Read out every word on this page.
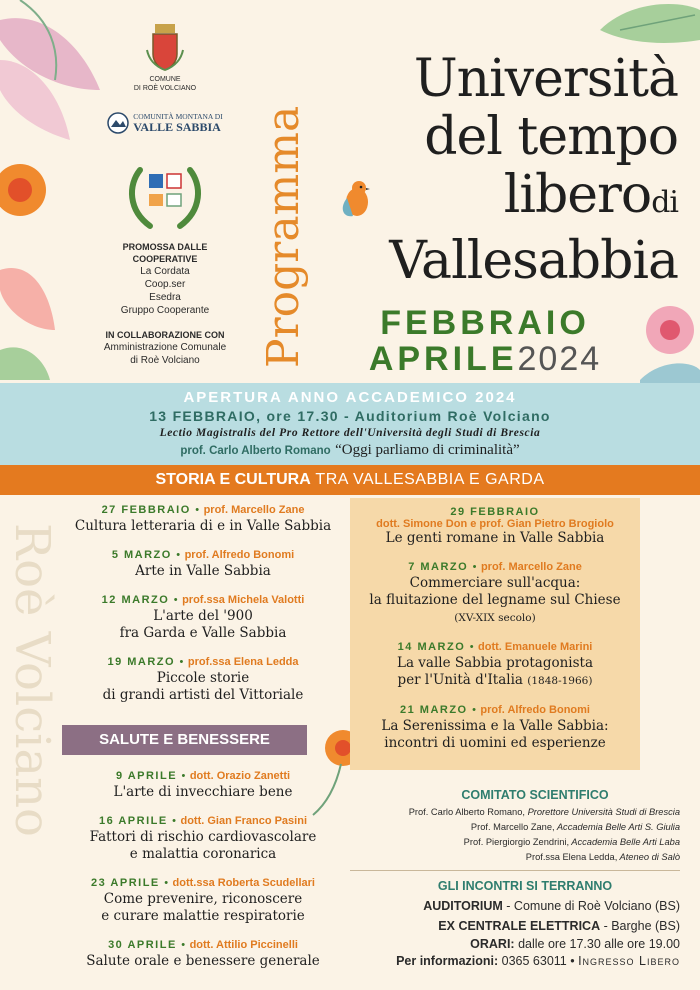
COMUNE
DI ROÈ VOLCIANO
COMUNITÀ MONTANA DI
VALLE SABBIA
PROMOSSA DALLE
COOPERATIVE
La Cordata
Coop.ser
Esedra
Gruppo Cooperante
IN COLLABORAZIONE CON
Amministrazione Comunale
di Roè Volciano	Programma
Università
del tempo
liberodi
Vallesabbia
FEBBRAIO
APRILE2024
APERTURA ANNO ACCADEMICO 2024
13 FEBBRAIO, ore 17.30 - Auditorium Roè Volciano
Lectio Magistralis del Pro Rettore dell'Università degli Studi di Brescia
prof. Carlo Alberto Romano “Oggi parliamo di criminalità”
STORIA E CULTURA TRA VALLESABBIA E GARDA
Roè Volciano	Barghe
27 FEBBRAIO • prof. Marcello Zane
Cultura letteraria di e in Valle Sabbia
5 MARZO • prof. Alfredo Bonomi
Arte in Valle Sabbia
12 MARZO • prof.ssa Michela Valotti
L'arte del '900
fra Garda e Valle Sabbia
19 MARZO • prof.ssa Elena Ledda
Piccole storie
di grandi artisti del Vittoriale
29 FEBBRAIO
dott. Simone Don e prof. Gian Pietro Brogiolo
Le genti romane in Valle Sabbia
7 MARZO • prof. Marcello Zane
Commerciare sull'acqua:
la fluitazione del legname sul Chiese
(XV-XIX secolo)
14 MARZO • dott. Emanuele Marini
La valle Sabbia protagonista
per l'Unità d'Italia (1848-1966)
21 MARZO • prof. Alfredo Bonomi
La Serenissima e la Valle Sabbia:
incontri di uomini ed esperienze
SALUTE E BENESSERE
9 APRILE • dott. Orazio Zanetti
L'arte di invecchiare bene
16 APRILE • dott. Gian Franco Pasini
Fattori di rischio cardiovascolare
e malattia coronarica
23 APRILE • dott.ssa Roberta Scudellari
Come prevenire, riconoscere
e curare malattie respiratorie
30 APRILE • dott. Attilio Piccinelli
Salute orale e benessere generale
COMITATO SCIENTIFICO
Prof. Carlo Alberto Romano, Prorettore Università Studi di Brescia
Prof. Marcello Zane, Accademia Belle Arti S. Giulia
Prof. Piergiorgio Zendrini, Accademia Belle Arti Laba
Prof.ssa Elena Ledda, Ateneo di Salò
GLI INCONTRI SI TERRANNO
AUDITORIUM - Comune di Roè Volciano (BS)
EX CENTRALE ELETTRICA - Barghe (BS)
ORARI: dalle ore 17.30 alle ore 19.00
Per informazioni: 0365 63011 • Ingresso Libero
